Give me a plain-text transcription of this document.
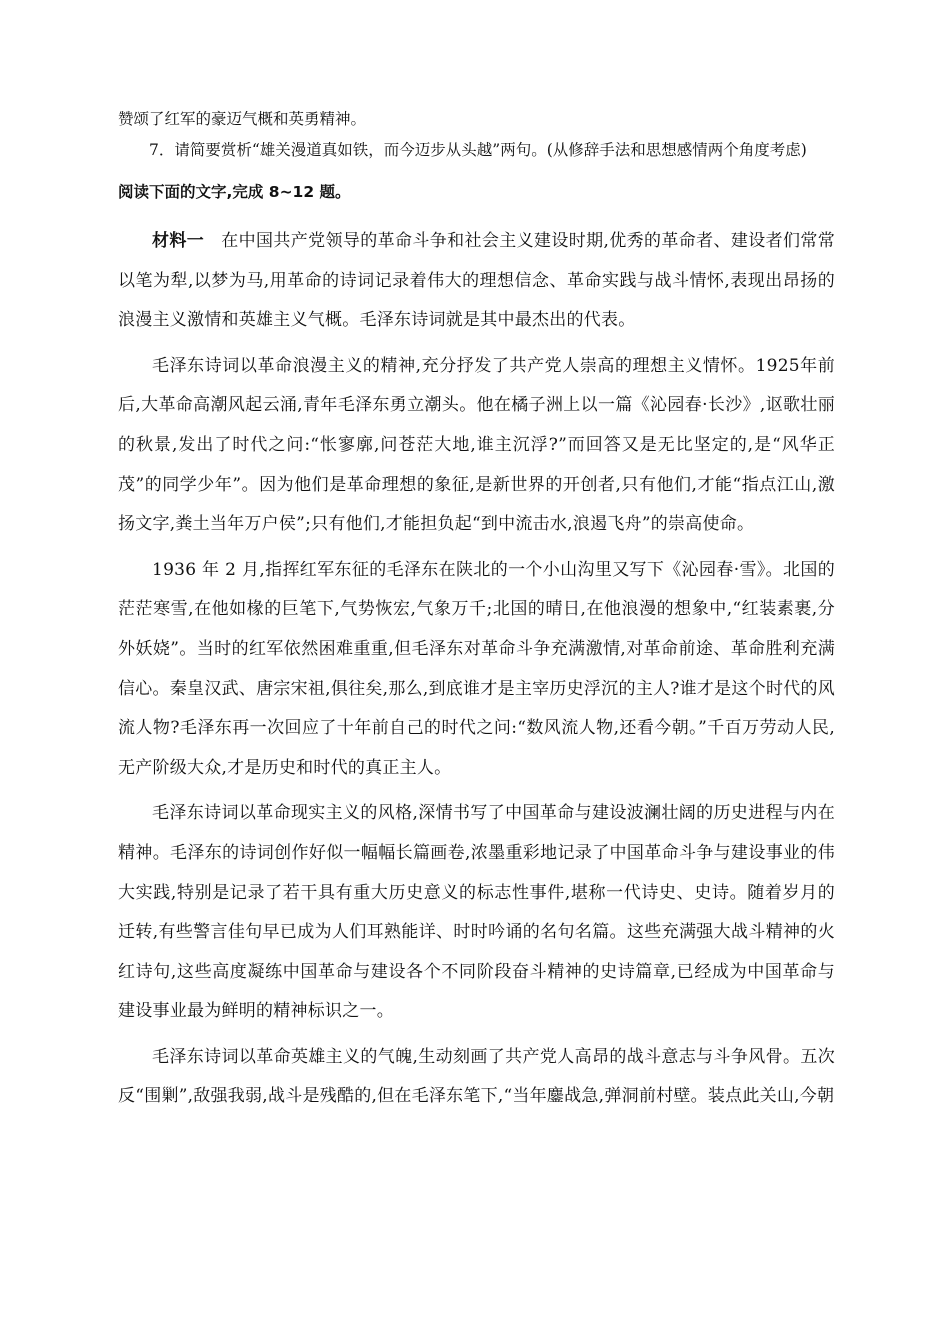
赞颂了红军的豪迈气概和英勇精神。

7．请简要赏析“雄关漫道真如铁，而今迈步从头越”两句。(从修辞手法和思想感情两个角度考虑)

阅读下面的文字,完成 8~12 题。

材料一 在中国共产党领导的革命斗争和社会主义建设时期,优秀的革命者、建设者们常常以笔为犁,以梦为马,用革命的诗词记录着伟大的理想信念、革命实践与战斗情怀,表现出昂扬的浪漫主义激情和英雄主义气概。毛泽东诗词就是其中最杰出的代表。

毛泽东诗词以革命浪漫主义的精神,充分抒发了共产党人崇高的理想主义情怀。1925年前后,大革命高潮风起云涌,青年毛泽东勇立潮头。他在橘子洲上以一篇《沁园春·长沙》,讴歌壮丽的秋景,发出了时代之问:“怅寥廓,问苍茫大地,谁主沉浮?”而回答又是无比坚定的,是“风华正茂”的同学少年”。因为他们是革命理想的象征,是新世界的开创者,只有他们,才能“指点江山,激扬文字,粪土当年万户侯”;只有他们,才能担负起“到中流击水,浪遏飞舟”的崇高使命。

1936 年 2 月,指挥红军东征的毛泽东在陕北的一个小山沟里又写下《沁园春·雪》。北国的茫茫寒雪,在他如椽的巨笔下,气势恢宏,气象万千;北国的晴日,在他浪漫的想象中,“红装素裹,分外妖娆”。当时的红军依然困难重重,但毛泽东对革命斗争充满激情,对革命前途、革命胜利充满信心。秦皇汉武、唐宗宋祖,俱往矣,那么,到底谁才是主宰历史浮沉的主人?谁才是这个时代的风流人物?毛泽东再一次回应了十年前自己的时代之问:“数风流人物,还看今朝。”千百万劳动人民,无产阶级大众,才是历史和时代的真正主人。

毛泽东诗词以革命现实主义的风格,深情书写了中国革命与建设波澜壮阔的历史进程与内在精神。毛泽东的诗词创作好似一幅幅长篇画卷,浓墨重彩地记录了中国革命斗争与建设事业的伟大实践,特别是记录了若干具有重大历史意义的标志性事件,堪称一代诗史、史诗。随着岁月的迁转,有些警言佳句早已成为人们耳熟能详、时时吟诵的名句名篇。这些充满强大战斗精神的火红诗句,这些高度凝练中国革命与建设各个不同阶段奋斗精神的史诗篇章,已经成为中国革命与建设事业最为鲜明的精神标识之一。

毛泽东诗词以革命英雄主义的气魄,生动刻画了共产党人高昂的战斗意志与斗争风骨。五次反“围剿”,敌强我弱,战斗是残酷的,但在毛泽东笔下,“当年鏖战急,弹洞前村壁。装点此关山,今朝
